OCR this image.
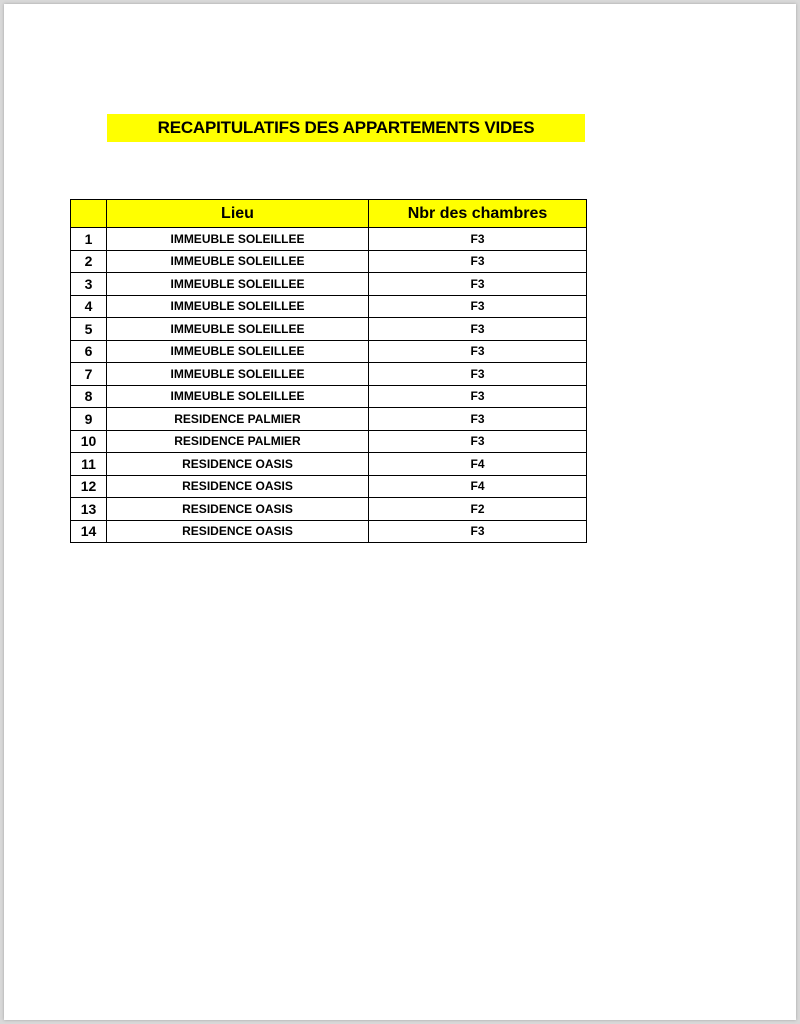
RECAPITULATIFS DES APPARTEMENTS VIDES
	Lieu	Nbr des chambres
1	IMMEUBLE SOLEILLEE	F3
2	IMMEUBLE SOLEILLEE	F3
3	IMMEUBLE SOLEILLEE	F3
4	IMMEUBLE SOLEILLEE	F3
5	IMMEUBLE SOLEILLEE	F3
6	IMMEUBLE SOLEILLEE	F3
7	IMMEUBLE SOLEILLEE	F3
8	IMMEUBLE SOLEILLEE	F3
9	RESIDENCE PALMIER	F3
10	RESIDENCE PALMIER	F3
11	RESIDENCE OASIS	F4
12	RESIDENCE OASIS	F4
13	RESIDENCE OASIS	F2
14	RESIDENCE OASIS	F3
